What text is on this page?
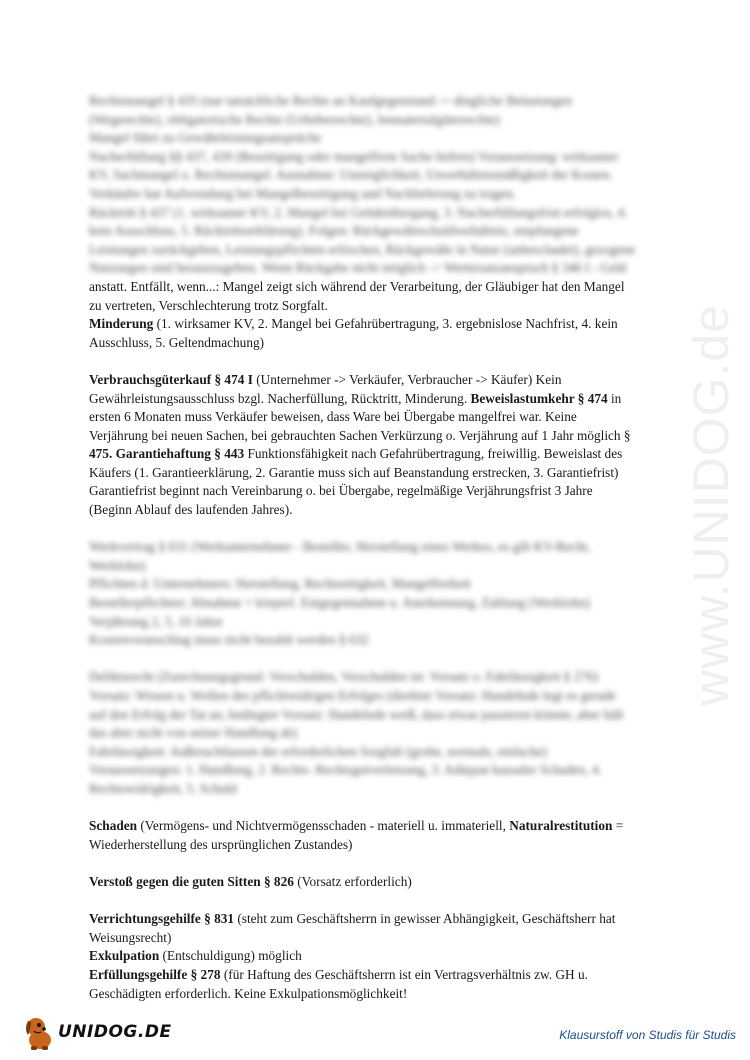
www.UNIDOG.de

Rechtsmangel § 435 (nur tatsächliche Rechte an Kaufgegenstand -> dingliche Belastungen

(Wegerechte), obligatorische Rechte (Urheberrechte), Immaterialgüterrechte)

Mangel führt zu Gewährleistungsansprüche

Nacherfüllung §§ 437, 439 (Beseitigung oder mangelfreie Sache liefern) Voraussetzung: wirksamer

KV, Sachmangel o. Rechtsmangel. Ausnahme: Unmöglichkeit, Unverhältnismäßigkeit der Kosten.

Verkäufer hat Aufwendung bei Mangelbeseitigung und Nachlieferung zu tragen.

Rücktritt § 437 (1. wirksamer KV, 2. Mangel bei Gefahrübergang, 3. Nacherfüllungsfrist erfolglos, 4.

kein Ausschluss, 5. Rücktrittserklärung). Folgen: Rückgewährschuldverhältnis, empfangene

Leistungen zurückgeben, Leistungspflichten erlöschen, Rückgewähr in Natur (unbeschadet), gezogene

Nutzungen sind herauszugeben. Wenn Rückgabe nicht möglich -> Wertersatzanspruch § 346 I - Geld

anstatt. Entfällt, wenn...: Mangel zeigt sich während der Verarbeitung, der Gläubiger hat den Mangel

zu vertreten, Verschlechterung trotz Sorgfalt.

Minderung (1. wirksamer KV, 2. Mangel bei Gefahrübertragung, 3. ergebnislose Nachfrist, 4. kein

Ausschluss, 5. Geltendmachung)

Verbrauchsgüterkauf § 474 I (Unternehmer -> Verkäufer, Verbraucher -> Käufer) Kein

Gewährleistungsausschluss bzgl. Nacherfüllung, Rücktritt, Minderung. Beweislastumkehr § 474 in

ersten 6 Monaten muss Verkäufer beweisen, dass Ware bei Übergabe mangelfrei war. Keine

Verjährung bei neuen Sachen, bei gebrauchten Sachen Verkürzung o. Verjährung auf 1 Jahr möglich §

475. Garantiehaftung § 443 Funktionsfähigkeit nach Gefahrübertragung, freiwillig. Beweislast des

Käufers (1. Garantieerklärung, 2. Garantie muss sich auf Beanstandung erstrecken, 3. Garantiefrist)

Garantiefrist beginnt nach Vereinbarung o. bei Übergabe, regelmäßige Verjährungsfrist 3 Jahre

(Beginn Ablauf des laufenden Jahres).

Werkvertrag § 631 (Werkunternehmer - Besteller, Herstellung eines Werkes, es gilt KV-Recht,

Werklohn)

Pflichten d. Unternehmers: Herstellung, Rechtzeitigkeit, Mangelfreiheit

Bestellerpflichten: Abnahme + körperl. Entgegennahme u. Anerkennung, Zahlung (Werklohn)

Verjährung 2, 5, 10 Jahre

Kostenvoranschlag muss nicht bezahlt werden § 632

Deliktsrecht (Zurechnungsgrund: Verschulden, Verschulden ist: Vorsatz o. Fahrlässigkeit § 276)

Vorsatz: Wissen u. Wollen des pflichtwidrigen Erfolges (direkter Vorsatz: Handelnde legt es gerade

auf den Erfolg der Tat an, bedingter Vorsatz: Handelnde weiß, dass etwas passieren könnte, aber hält

das aber nicht von seiner Handlung ab)

Fahrlässigkeit: Außerachtlassen der erforderlichen Sorgfalt (grobe, normale, einfache)

Voraussetzungen: 1. Handlung, 2. Rechts- Rechtsgutverletzung, 3. Adäquat kausaler Schaden, 4.

Rechtswidrigkeit, 5. Schuld

Schaden (Vermögens- und Nichtvermögensschaden - materiell u. immateriell, Naturalrestitution =

Wiederherstellung des ursprünglichen Zustandes)

Verstoß gegen die guten Sitten § 826 (Vorsatz erforderlich)

Verrichtungsgehilfe § 831 (steht zum Geschäftsherrn in gewisser Abhängigkeit, Geschäftsherr hat

Weisungsrecht)

Exkulpation (Entschuldigung) möglich

Erfüllungsgehilfe § 278 (für Haftung des Geschäftsherrn ist ein Vertragsverhältnis zw. GH u.

Geschädigten erforderlich. Keine Exkulpationsmöglichkeit!

UNIDOG.DE	Klausurstoff von Studis für Studis
